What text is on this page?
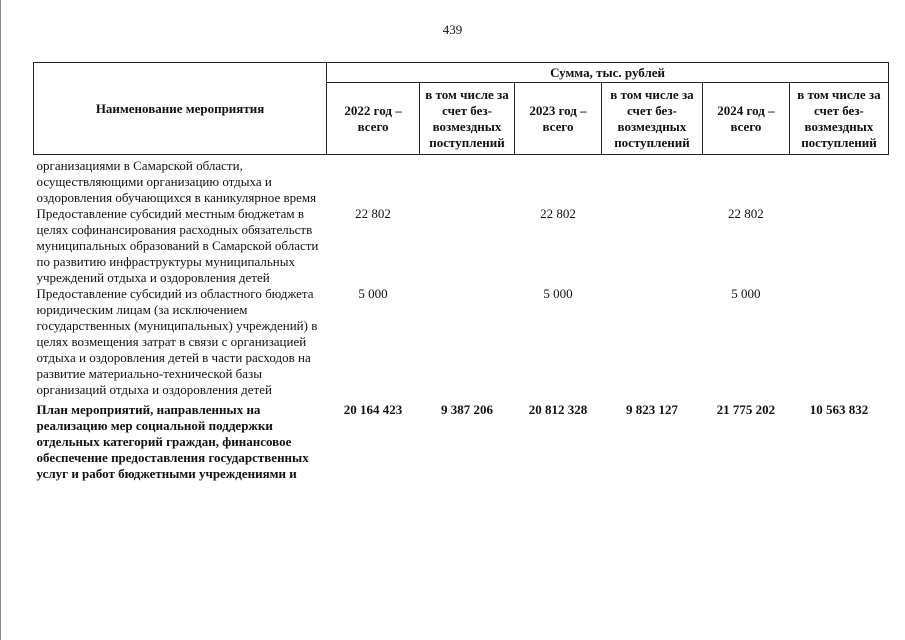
439
Наименование мероприятия	Сумма, тыс. рублей					
	2022 год – всего	в том числе за счет без-возмездных поступлений	2023 год – всего	в том числе за счет без-возмездных поступлений	2024 год – всего	в том числе за счет без-возмездных поступлений
организациями в Самарской области, осуществляющими организацию отдыха и оздоровления обучающихся в каникулярное время						
Предоставление субсидий местным бюджетам в целях софинансирования расходных обязательств муниципальных образований в Самарской области по развитию инфраструктуры муниципальных учреждений отдыха и оздоровления детей	22 802		22 802		22 802	
Предоставление субсидий из областного бюджета юридическим лицам (за исключением государственных (муниципальных) учреждений) в целях возмещения затрат в связи с организацией отдыха и оздоровления детей в части расходов на развитие материально-технической базы организаций отдыха и оздоровления детей	5 000		5 000		5 000	
План мероприятий, направленных на реализацию мер социальной поддержки отдельных категорий граждан, финансовое обеспечение предоставления государственных услуг и работ бюджетными учреждениями и	20 164 423	9 387 206	20 812 328	9 823 127	21 775 202	10 563 832
